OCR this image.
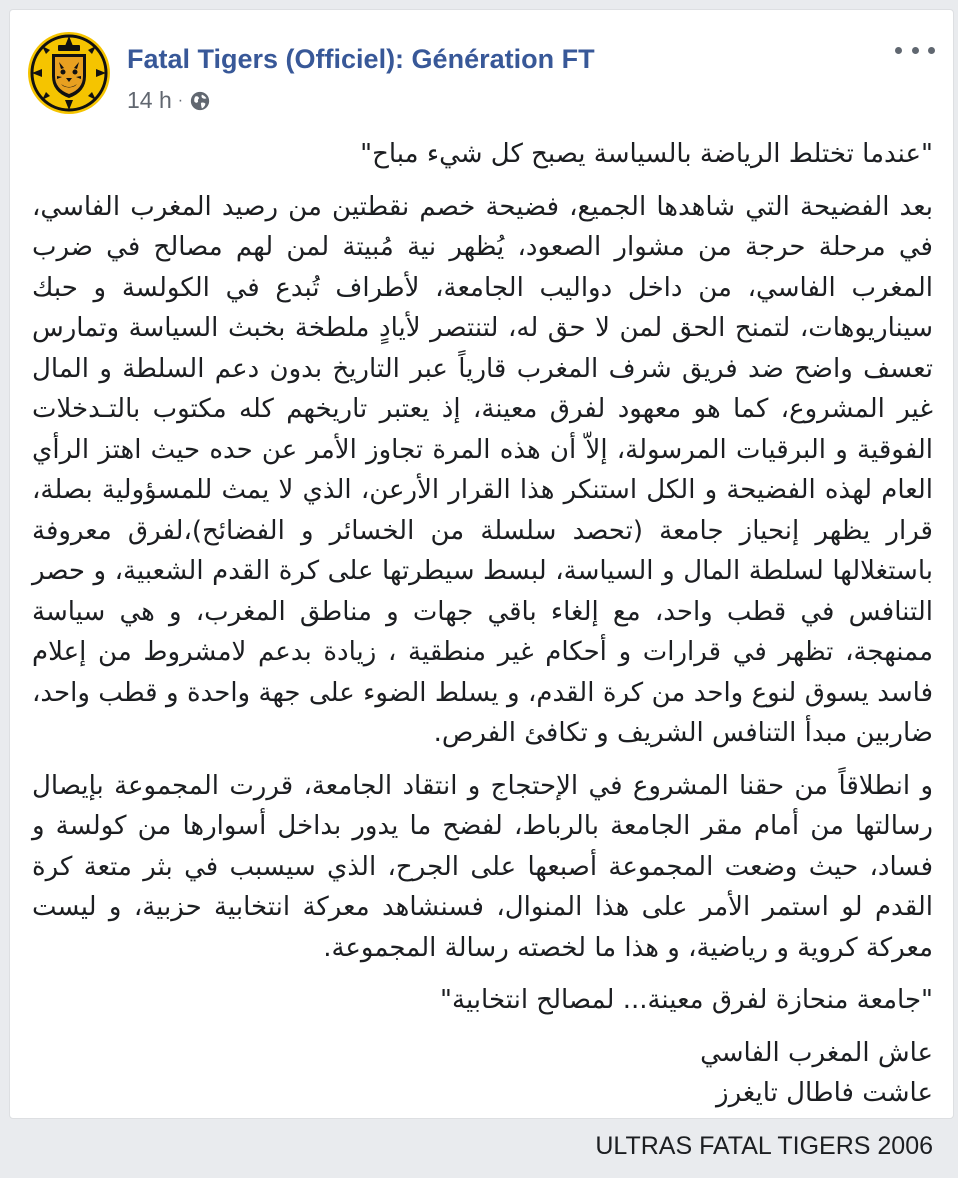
Fatal Tigers (Officiel): Génération FT
14 h ·

"عندما تختلط الرياضة بالسياسة يصبح كل شيء مباح"

بعد الفضيحة التي شاهدها الجميع، فضيحة خصم نقطتين من رصيد المغرب الفاسي، في مرحلة حرجة من مشوار الصعود، يُظهر نية مُبيتة لمن لهم مصالح في ضرب المغرب الفاسي، من داخل دواليب الجامعة، لأطراف تُبدع في الكولسة و حبك سيناريوهات، لتمنح الحق لمن لا حق له، لتنتصر لأيادٍ ملطخة بخبث السياسة وتمارس تعسف واضح ضد فريق شرف المغرب قارياً عبر التاريخ بدون دعم السلطة و المال غير المشروع، كما هو معهود لفرق معينة، إذ يعتبر تاريخهم كله مكتوب بالتـدخلات الفوقية و البرقيات المرسولة، إلاّ أن هذه المرة تجاوز الأمر عن حده حيث اهتز الرأي العام لهذه الفضيحة و الكل استنكر هذا القرار الأرعن، الذي لا يمث للمسؤولية بصلة، قرار يظهر إنحياز جامعة (تحصد سلسلة من الخسائر و الفضائح)،لفرق معروفة باستغلالها لسلطة المال و السياسة، لبسط سيطرتها على كرة القدم الشعبية، و حصر التنافس في قطب واحد، مع إلغاء باقي جهات و مناطق المغرب، و هي سياسة ممنهجة، تظهر في قرارات و أحكام غير منطقية ، زيادة بدعم لامشروط من إعلام فاسد يسوق لنوع واحد من كرة القدم، و يسلط الضوء على جهة واحدة و قطب واحد، ضاربين مبدأ التنافس الشريف و تكافئ الفرص.

و انطلاقاً من حقنا المشروع في الإحتجاج و انتقاد الجامعة، قررت المجموعة بإيصال رسالتها من أمام مقر الجامعة بالرباط، لفضح ما يدور بداخل أسوارها من كولسة و فساد، حيث وضعت المجموعة أصبعها على الجرح، الذي سيسبب في بثر متعة كرة القدم لو استمر الأمر على هذا المنوال، فسنشاهد معركة انتخابية حزبية، و ليست معركة كروية و رياضية، و هذا ما لخصته رسالة المجموعة.

"جامعة منحازة لفرق معينة... لمصالح انتخابية"

عاش المغرب الفاسي
عاشت فاطال تايغرز

ULTRAS FATAL TIGERS 2006
